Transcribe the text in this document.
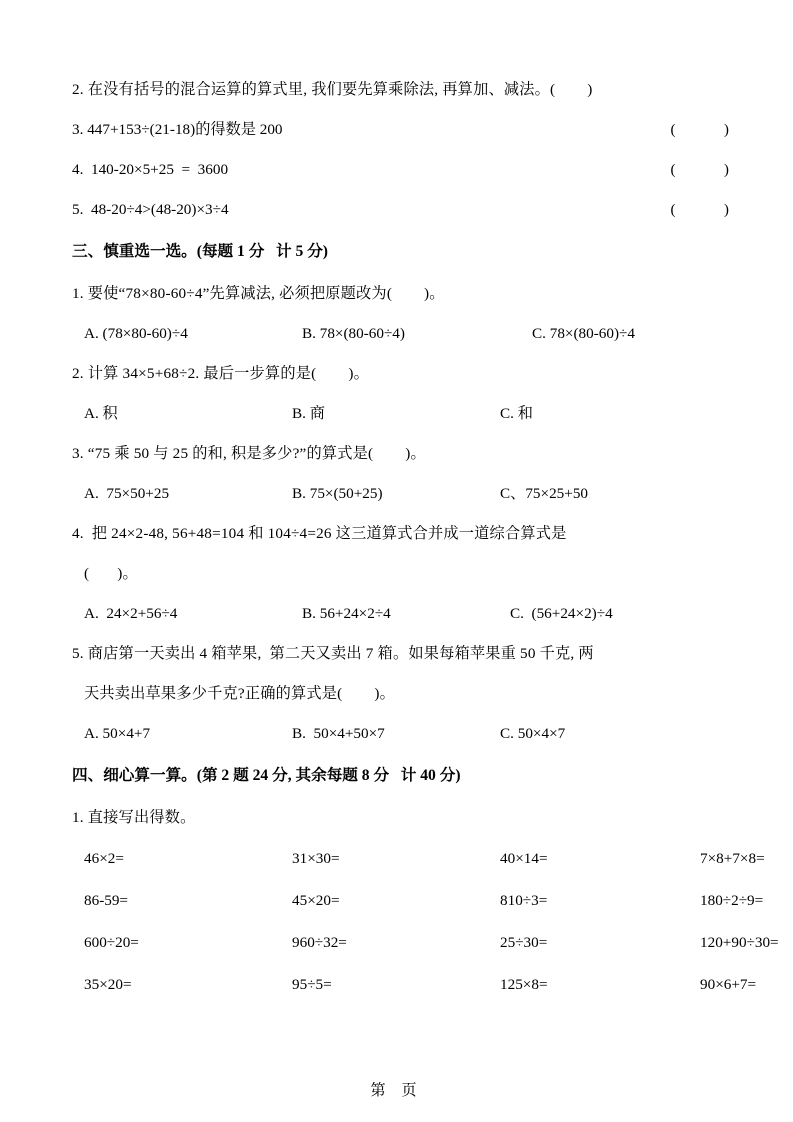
2. 在没有括号的混合运算的算式里, 我们要先算乘除法, 再算加、减法。(        )
3. 447+153÷(21-18)的得数是 200	(        )
4.  140-20×5+25  =  3600	(        )
5.  48-20÷4>(48-20)×3÷4	(        )
三、慎重选一选。(每题 1 分   计 5 分)
1. 要使“78×80-60÷4”先算减法, 必须把原题改为(        )。
A. (78×80-60)÷4	B. 78×(80-60÷4)	C. 78×(80-60)÷4
2. 计算 34×5+68÷2. 最后一步算的是(        )。
A. 积	B. 商	C. 和
3. “75 乘 50 与 25 的和, 积是多少?”的算式是(        )。
A.  75×50+25	B. 75×(50+25)	C、75×25+50
4.  把 24×2-48, 56+48=104 和 104÷4=26 这三道算式合并成一道综合算式是
(       )。
A.  24×2+56÷4	B. 56+24×2÷4	C.  (56+24×2)÷4
5. 商店第一天卖出 4 箱苹果,  第二天又卖出 7 箱。如果每箱苹果重 50 千克, 两
天共卖出草果多少千克?正确的算式是(        )。
A. 50×4+7	B.  50×4+50×7	C. 50×4×7
四、细心算一算。(第 2 题 24 分, 其余每题 8 分   计 40 分)
1. 直接写出得数。
46×2=	31×30=	40×14=	7×8+7×8=
86-59=	45×20=	810÷3=	180÷2÷9=
600÷20=	960÷32=	25÷30=	120+90÷30=
35×20=	95÷5=	125×8=	90×6+7=
第 页
